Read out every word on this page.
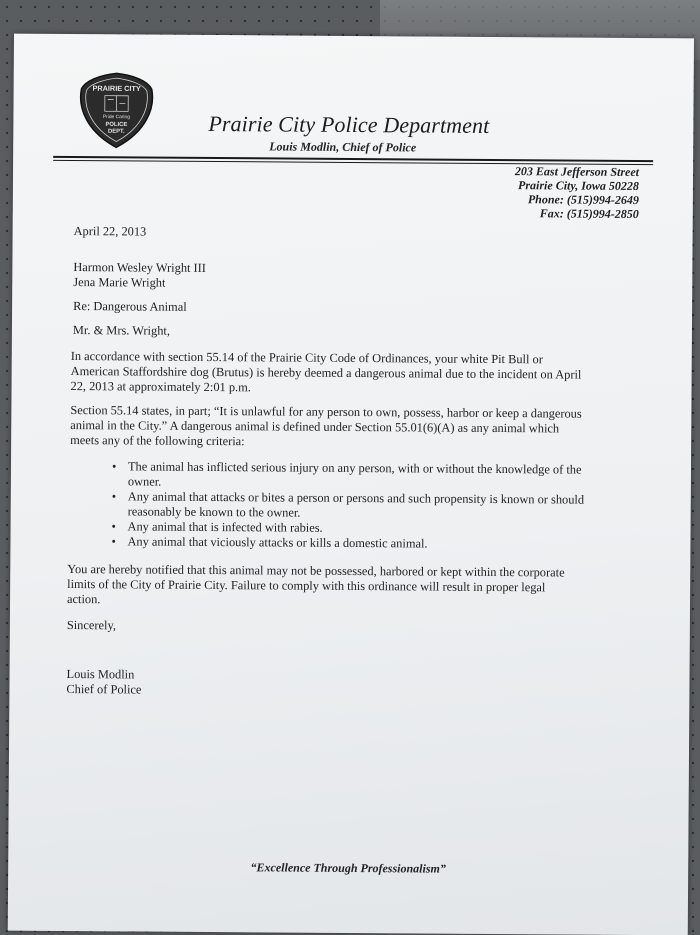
PRAIRIE CITY
Pride Caring
POLICE
DEPT.	Prairie City Police Department
Louis Modlin, Chief of Police
203 East Jefferson Street
Prairie City, Iowa 50228
Phone: (515)994-2649
Fax: (515)994-2850

April 22, 2013

Harmon Wesley Wright III

Jena Marie Wright

Re: Dangerous Animal

Mr. & Mrs. Wright,

In accordance with section 55.14 of the Prairie City Code of Ordinances, your white Pit Bull or

American Staffordshire dog (Brutus) is hereby deemed a dangerous animal due to the incident on April

22, 2013 at approximately 2:01 p.m.

Section 55.14 states, in part; “It is unlawful for any person to own, possess, harbor or keep a dangerous

animal in the City.” A dangerous animal is defined under Section 55.01(6)(A) as any animal which

meets any of the following criteria:

• The animal has inflicted serious injury on any person, with or without the knowledge of the
owner.
• Any animal that attacks or bites a person or persons and such propensity is known or should
reasonably be known to the owner.
• Any animal that is infected with rabies.
• Any animal that viciously attacks or kills a domestic animal.

You are hereby notified that this animal may not be possessed, harbored or kept within the corporate

limits of the City of Prairie City. Failure to comply with this ordinance will result in proper legal

action.

Sincerely,

Louis Modlin

Chief of Police

“Excellence Through Professionalism”
